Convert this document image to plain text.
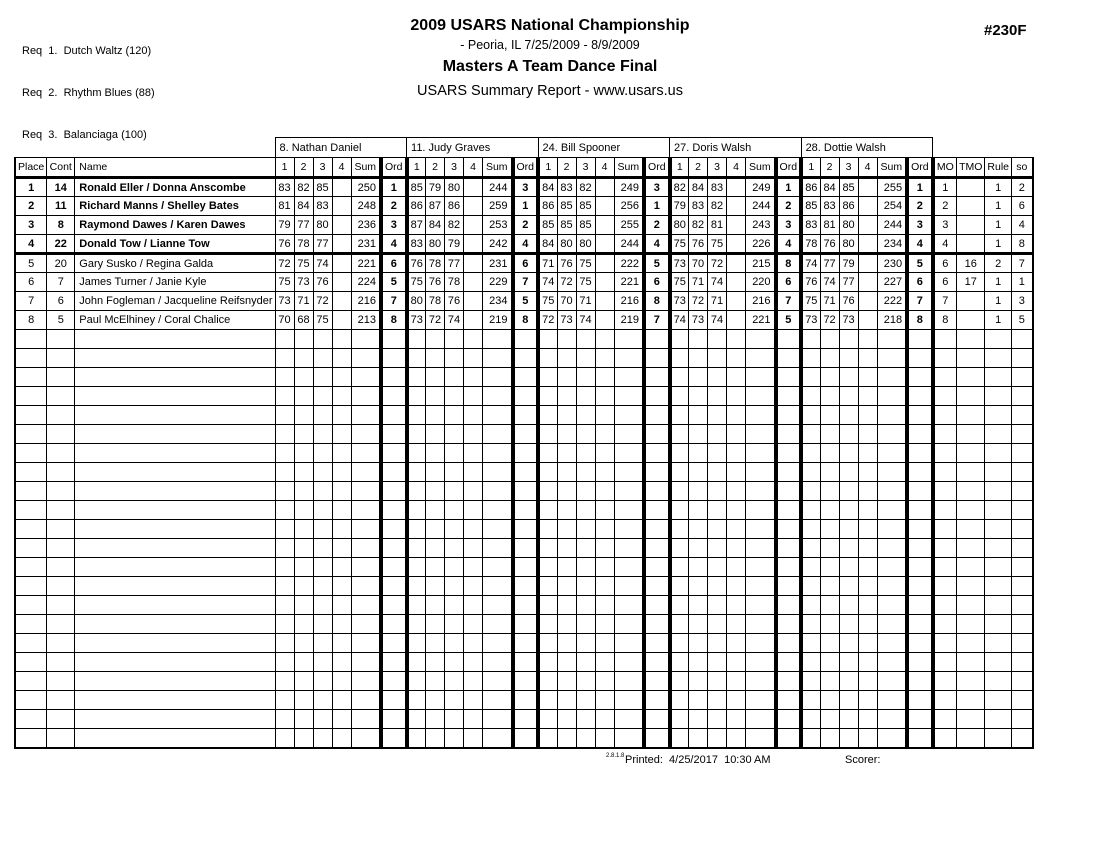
Req  1.  Dutch Waltz (120)

Req  2.  Rhythm Blues (88)

Req  3.  Balanciaga (100)

2009 USARS National Championship
- Peoria, IL 7/25/2009 - 8/9/2009
Masters A Team Dance Final
USARS Summary Report - www.usars.us
#230F
			8. Nathan Daniel						11. Judy Graves						24. Bill Spooner						27. Doris Walsh						28. Dottie Walsh									
Place	Cont	Name	1	2	3	4	Sum	Ord	1	2	3	4	Sum	Ord	1	2	3	4	Sum	Ord	1	2	3	4	Sum	Ord	1	2	3	4	Sum	Ord	MO	TMO	Rule	so
1	14	Ronald Eller / Donna Anscombe	83	82	85		250	1	85	79	80		244	3	84	83	82		249	3	82	84	83		249	1	86	84	85		255	1	1		1	2
2	11	Richard Manns / Shelley Bates	81	84	83		248	2	86	87	86		259	1	86	85	85		256	1	79	83	82		244	2	85	83	86		254	2	2		1	6
3	8	Raymond Dawes / Karen Dawes	79	77	80		236	3	87	84	82		253	2	85	85	85		255	2	80	82	81		243	3	83	81	80		244	3	3		1	4
4	22	Donald Tow / Lianne Tow	76	78	77		231	4	83	80	79		242	4	84	80	80		244	4	75	76	75		226	4	78	76	80		234	4	4		1	8
5	20	Gary Susko / Regina Galda	72	75	74		221	6	76	78	77		231	6	71	76	75		222	5	73	70	72		215	8	74	77	79		230	5	6	16	2	7
6	7	James Turner / Janie Kyle	75	73	76		224	5	75	76	78		229	7	74	72	75		221	6	75	71	74		220	6	76	74	77		227	6	6	17	1	1
7	6	John Fogleman / Jacqueline Reifsnyder	73	71	72		216	7	80	78	76		234	5	75	70	71		216	8	73	72	71		216	7	75	71	76		222	7	7		1	3
8	5	Paul McElhiney / Coral Chalice	70	68	75		213	8	73	72	74		219	8	72	73	74		219	7	74	73	74		221	5	73	72	73		218	8	8		1	5

2.8.1.8 Printed:  4/25/2017  10:30 AM	Scorer:
